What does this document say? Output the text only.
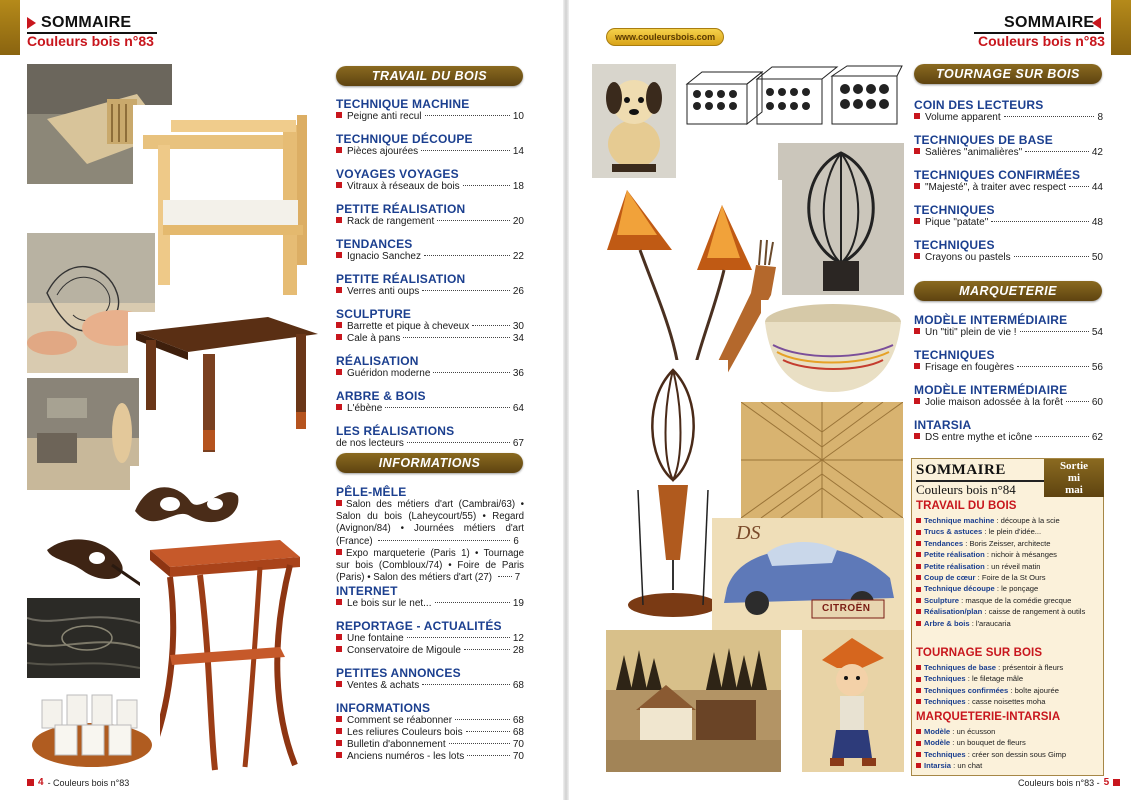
SOMMAIRE
Couleurs bois n°83
TRAVAIL DU BOIS
TECHNIQUE MACHINE
Peigne anti recul	10
TECHNIQUE DÉCOUPE
Pièces ajourées	14
VOYAGES VOYAGES
Vitraux à réseaux de bois	18
PETITE RÉALISATION
Rack de rangement	20
TENDANCES
Ignacio Sanchez	22
PETITE RÉALISATION
Verres anti oups	26
SCULPTURE
Barrette et pique à cheveux	30
Cale à pans	34
RÉALISATION
Guéridon moderne	36
ARBRE & BOIS
L'ébène	64
LES RÉALISATIONS
de nos lecteurs	67
INFORMATIONS
PÊLE-MÊLE
Salon des métiers d'art (Cambrai/63) • Salon du bois (Laheycourt/55) • Regard (Avignon/84) • Journées métiers d'art (France)	6
Expo marqueterie (Paris 1) • Tournage sur bois (Combloux/74) • Foire de Paris (Paris) • Salon des métiers d'art (27) 7
INTERNET
Le bois sur le net...	19
REPORTAGE - ACTUALITÉS
Une fontaine	12
Conservatoire de Migoule	28
PETITES ANNONCES
Ventes & achats	68
INFORMATIONS
Comment se réabonner	68
Les reliures Couleurs bois	68
Bulletin d'abonnement	70
Anciens numéros - les lots	70
4 - Couleurs bois n°83
www.couleursbois.com
SOMMAIRE
Couleurs bois n°83
DS
CITROËN
TOURNAGE SUR BOIS
COIN DES LECTEURS
Volume apparent	8
TECHNIQUES DE BASE
Salières "animalières"	42
TECHNIQUES CONFIRMÉES
"Majesté", à traiter avec respect	44
TECHNIQUES
Pique "patate"	48
TECHNIQUES
Crayons ou pastels	50
MARQUETERIE
MODÈLE INTERMÉDIAIRE
Un "titi" plein de vie !	54
TECHNIQUES
Frisage en fougères	56
MODÈLE INTERMÉDIAIRE
Jolie maison adossée à la forêt	60
INTARSIA
DS entre mythe et icône	62
SOMMAIRE
Couleurs bois n°84
Sortie
mi
mai
TRAVAIL DU BOIS
Technique machine : découpe à la scie
Trucs & astuces : le plein d'idée...
Tendances : Boris Zeisser, architecte
Petite réalisation : nichoir à mésanges
Petite réalisation : un réveil matin
Coup de cœur : Foire de la St Ours
Technique découpe : le ponçage
Sculpture : masque de la comédie grecque
Réalisation/plan : caisse de rangement à outils
Arbre & bois : l'araucaria
TOURNAGE SUR BOIS
Techniques de base : présentoir à fleurs
Techniques : le filetage mâle
Techniques confirmées : boîte ajourée
Techniques : casse noisettes moha
MARQUETERIE-INTARSIA
Modèle : un écusson
Modèle : un bouquet de fleurs
Techniques : créer son dessin sous Gimp
Intarsia : un chat
Couleurs bois n°83 - 5
